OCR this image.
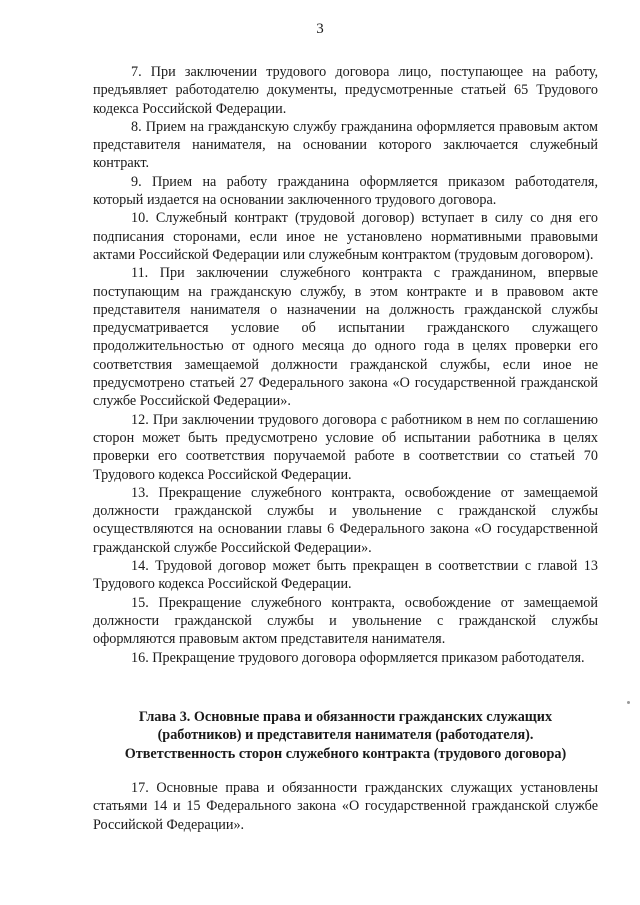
3

7. При заключении трудового договора лицо, поступающее на работу, предъявляет работодателю документы, предусмотренные статьей 65 Трудового кодекса Российской Федерации.

8. Прием на гражданскую службу гражданина оформляется правовым актом представителя нанимателя, на основании которого заключается служебный контракт.

9. Прием на работу гражданина оформляется приказом работодателя, который издается на основании заключенного трудового договора.

10. Служебный контракт (трудовой договор) вступает в силу со дня его подписания сторонами, если иное не установлено нормативными правовыми актами Российской Федерации или служебным контрактом (трудовым договором).

11. При заключении служебного контракта с гражданином, впервые поступающим на гражданскую службу, в этом контракте и в правовом акте представителя нанимателя о назначении на должность гражданской службы предусматривается условие об испытании гражданского служащего продолжительностью от одного месяца до одного года в целях проверки его соответствия замещаемой должности гражданской службы, если иное не предусмотрено статьей 27 Федерального закона «О государственной гражданской службе Российской Федерации».

12. При заключении трудового договора с работником в нем по соглашению сторон может быть предусмотрено условие об испытании работника в целях проверки его соответствия поручаемой работе в соответствии со статьей 70 Трудового кодекса Российской Федерации.

13. Прекращение служебного контракта, освобождение от замещаемой должности гражданской службы и увольнение с гражданской службы осуществляются на основании главы 6 Федерального закона «О государственной гражданской службе Российской Федерации».

14. Трудовой договор может быть прекращен в соответствии с главой 13 Трудового кодекса Российской Федерации.

15. Прекращение служебного контракта, освобождение от замещаемой должности гражданской службы и увольнение с гражданской службы оформляются правовым актом представителя нанимателя.

16. Прекращение трудового договора оформляется приказом работодателя.

Глава 3. Основные права и обязанности гражданских служащих
(работников) и представителя нанимателя (работодателя).
Ответственность сторон служебного контракта (трудового договора)

17. Основные права и обязанности гражданских служащих установлены статьями 14 и 15 Федерального закона «О государственной гражданской службе Российской Федерации».
